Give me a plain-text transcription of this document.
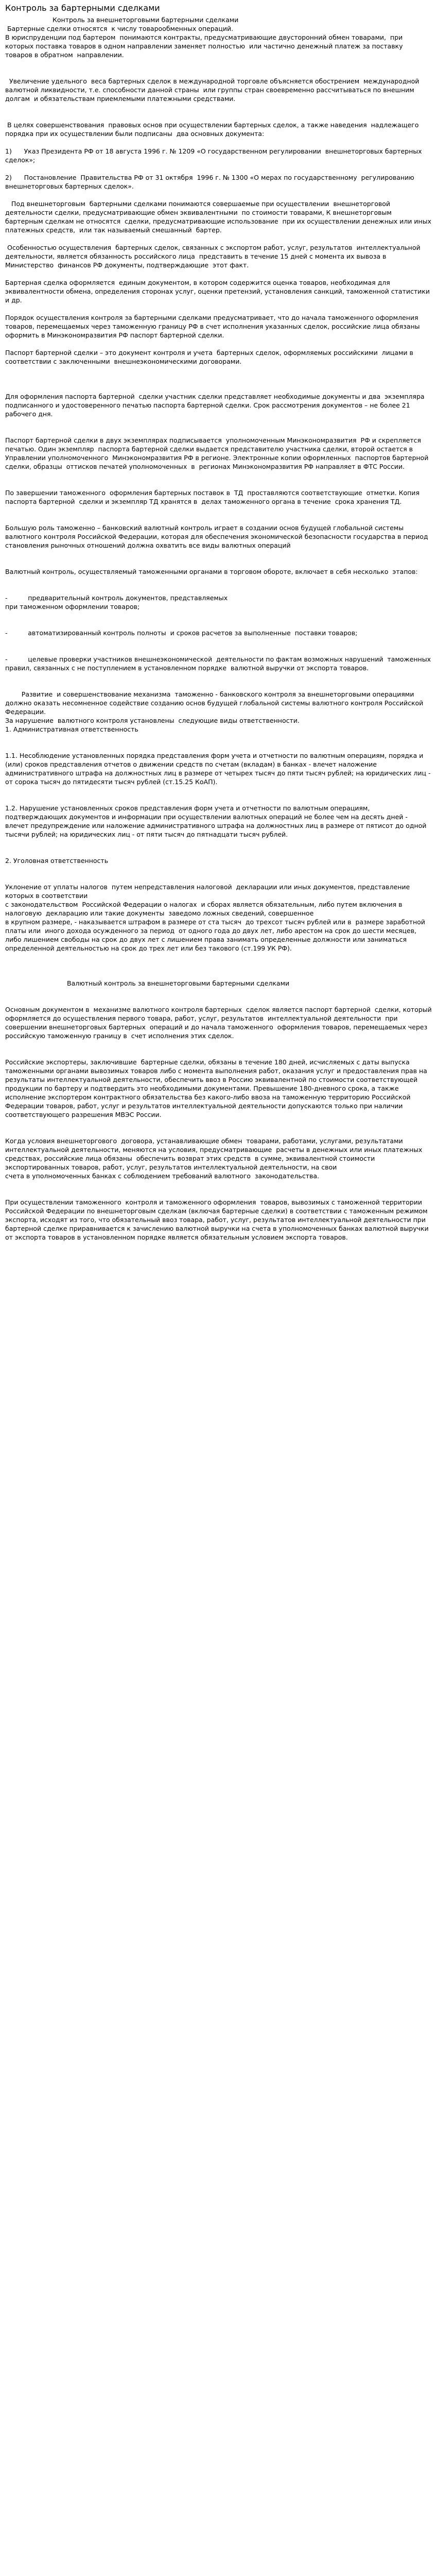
Контроль за бартерными сделками
Контроль за внешнеторговыми бартерными сделками

Бартерные сделки относятся  к числу товарообменных операций.
В юриспруденции под бартером  понимаются контракты, предусматривающие двусторонний обмен товарами,  при  которых поставка товаров в одном направлении заменяет полностью  или частично денежный платеж за поставку товаров в обратном  направлении.

Увеличение удельного  веса бартерных сделок в международной торговле объясняется обострением  международной валютной ликвидности, т.е. способности данной страны  или группы стран своевременно рассчитываться по внешним долгам  и обязательствам приемлемыми платежными средствами.

В целях совершенствования  правовых основ при осуществлении бартерных сделок, а также наведения  надлежащего порядка при их осуществлении были подписаны  два основных документа:

1)      Указ Президента РФ от 18 августа 1996 г. № 1209 «О государственном регулировании  внешнеторговых бартерных сделок»;

2)      Постановление  Правительства РФ от 31 октября  1996 г. № 1300 «О мерах по государственному  регулированию внешнеторговых бартерных сделок».

Под внешнеторговым  бартерными сделками понимаются совершаемые при осуществлении  внешнеторговой деятельности сделки, предусматривающие обмен эквивалентными  по стоимости товарами, К внешнеторговым  бартерным сделкам не относятся  сделки, предусматривающие использование  при их осуществлении денежных или иных платежных средств,  или так называемый смешанный  бартер.

Особенностью осуществления  бартерных сделок, связанных с экспортом работ, услуг, результатов  интеллектуальной деятельности, является обязанность российского лица  представить в течение 15 дней с момента их вывоза в Министерство  финансов РФ документы, подтверждающие  этот факт.

Бартерная сделка оформляется  единым документом, в котором содержится оценка товаров, необходимая для  эквивалентности обмена, определения сторонах услуг, оценки претензий, установления санкций, таможенной статистики и др.

Порядок осуществления контроля за бартерными сделками предусматривает, что до начала таможенного оформления товаров, перемещаемых через таможенную границу РФ в счет исполнения указанных сделок, российские лица обязаны оформить в Минэкономразвития РФ паспорт бартерной сделки.

Паспорт бартерной сделки – это документ контроля и учета  бартерных сделок, оформляемых российскими  лицами в соответствии с заключенными  внешнеэкономическими договорами.

Для оформления паспорта бартерной  сделки участник сделки представляет необходимые документы и два  экземпляра подписанного и удостоверенного печатью паспорта бартерной сделки. Срок рассмотрения документов – не более 21 рабочего дня.

Паспорт бартерной сделки в двух экземплярах подписывается  уполномоченным Минэкономразвития  РФ и скрепляется печатью. Один экземпляр  паспорта бартерной сделки выдается представителю участника сделки, второй остается в Управлении уполномоченного  Минэкономразвития РФ в регионе. Электронные копии оформленных  паспортов бартерной сделки, образцы  оттисков печатей уполномоченных  в  регионах Минэкономразвития РФ направляет в ФТС России.

По завершении таможенного  оформления бартерных поставок в  ТД  проставляются соответствующие  отметки. Копия паспорта бартерной  сделки и экземпляр ТД хранятся в  делах таможенного органа в течение  срока хранения ТД.

Большую роль таможенно – банковский валютный контроль играет в создании основ будущей глобальной системы валютного контроля Российской Федерации, которая для обеспечения экономической безопасности государства в период становления рыночных отношений должна охватить все виды валютных операций

Валютный контроль, осуществляемый таможенными органами в торговом обороте, включает в себя несколько  этапов:

-          предварительный контроль документов, представляемых
при таможенном оформлении товаров;

-          автоматизированный контроль полноты  и сроков расчетов за выполненные  поставки товаров;

-          целевые проверки участников внешнеэкономической  деятельности по фактам возможных нарушений  таможенных правил, связанных с не поступлением в установленном порядке  валютной выручки от экспорта товаров.

Развитие  и совершенствование механизма  таможенно - банковского контроля за внешнеторговыми операциями должно оказать несомненное содействие созданию основ будущей глобальной системы валютного контроля Российской Федерации.
За нарушение  валютного контроля установлены  следующие виды ответственности.
1. Административная ответственность

1.1. Несоблюдение установленных порядка представления форм учета и отчетности по валютным операциям, порядка и (или) сроков представления отчетов о движении средств по счетам (вкладам) в банках - влечет наложение административного штрафа на должностных лиц в размере от четырех тысяч до пяти тысяч рублей; на юридических лиц - от сорока тысяч до пятидесяти тысяч рублей (ст.15.25 КоАП).

1.2. Нарушение установленных сроков представления форм учета и отчетности по валютным операциям, подтверждающих документов и информации при осуществлении валютных операций не более чем на десять дней - влечет предупреждение или наложение административного штрафа на должностных лиц в размере от пятисот до одной тысячи рублей; на юридических лиц - от пяти тысяч до пятнадцати тысяч рублей.

2. Уголовная ответственность

Уклонение от уплаты налогов  путем непредставления налоговой  декларации или иных документов, представление  которых в соответствии
с законодательством  Российской Федерации о налогах  и сборах является обязательным, либо путем включения в налоговую  декларацию или такие документы  заведомо ложных сведений, совершенное
в крупном размере, - наказывается штрафом в размере от ста тысяч  до трехсот тысяч рублей или в  размере заработной платы или  иного дохода осужденного за период  от одного года до двух лет, либо арестом на срок до шести месяцев, либо лишением свободы на срок до двух лет с лишением права занимать определенные должности или заниматься определенной деятельностью на срок до трех лет или без такового (ст.199 УК РФ).

Валютный контроль за внешнеторговыми бартерными сделками

Основным документом в  механизме валютного контроля бартерных  сделок является паспорт бартерной  сделки, который оформляется до осуществления первого товара, работ, услуг, результатов  интеллектуальной деятельности  при  совершении внешнеторговых бартерных  операций и до начала таможенного  оформления товаров, перемещаемых через  российскую таможенную границу в  счет исполнения этих сделок.

Российские экспортеры, заключившие  бартерные сделки, обязаны в течение 180 дней, исчисляемых с даты выпуска таможенными органами вывозимых товаров либо с момента выполнения работ, оказания услуг и предоставления прав на результаты интеллектуальной деятельности, обеспечить ввоз в Россию эквивалентной по стоимости соответствующей продукции по бартеру и подтвердить это необходимыми документами. Превышение 180-дневного срока, а также исполнение экспортером контрактного обязательства без какого-либо ввоза на таможенную территорию Российской Федерации товаров, работ, услуг и результатов интеллектуальной деятельности допускаются только при наличии соответствующего разрешения МВЭС России.

Когда условия внешнеторгового  договора, устанавливающие обмен  товарами, работами, услугами, результатами  интеллектуальной деятельности, меняются на условия, предусматривающие  расчеты в денежных или иных платежных средствах, российские лица обязаны  обеспечить возврат этих средств  в сумме, эквивалентной стоимости  экспортированных товаров, работ, услуг, результатов интеллектуальной деятельности, на свои
счета в уполномоченных банках с соблюдением требований валютного  законодательства.

При осуществлении таможенного  контроля и таможенного оформления  товаров, вывозимых с таможенной территории Российской Федерации по внешнеторговым сделкам (включая бартерные сделки) в соответствии с таможенным режимом экспорта, исходят из того, что обязательный ввоз товара, работ, услуг, результатов интеллектуальной деятельности при бартерной сделке приравнивается к зачислению валютной выручки на счета в уполномоченных банках валютной выручки от экспорта товаров в установленном порядке является обязательным условием экспорта товаров.
